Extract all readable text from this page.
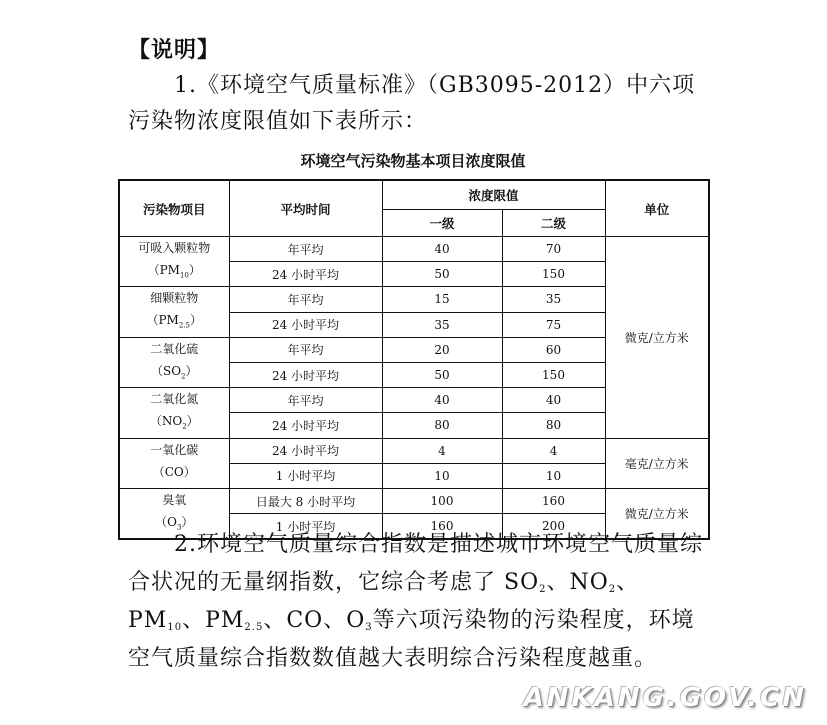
【说明】
1.《环境空气质量标准》（GB3095-2012）中六项污染物浓度限值如下表所示：
环境空气污染物基本项目浓度限值
污染物项目	平均时间	浓度限值		单位
		一级	二级	

可吸入颗粒物
$(PM_{10})$	年平均	40	70	微克/立方米
	24 小时平均	50	150	

细颗粒物
$(PM_{2.5})$	年平均	15	35	
	24 小时平均	35	75	

二氧化硫
$(SO_2)$	年平均	20	60	
	24 小时平均	50	150	

二氧化氮
$(NO_2)$	年平均	40	40	
	24 小时平均	80	80	

一氧化碳
（CO）	24 小时平均	4	4	毫克/立方米
	1 小时平均	10	10	

臭氧
$(O_3)$	日最大 8 小时平均	100	160	微克/立方米
	1 小时平均	160	200	
2.环境空气质量综合指数是描述城市环境空气质量综合状况的无量纲指数，它综合考虑了 $SO_2$、$NO_2$、$PM_{10}$、$PM_{2.5}$、CO、$O_3$等六项污染物的污染程度，环境空气质量综合指数数值越大表明综合污染程度越重。
ANKANG.GOV.CN
